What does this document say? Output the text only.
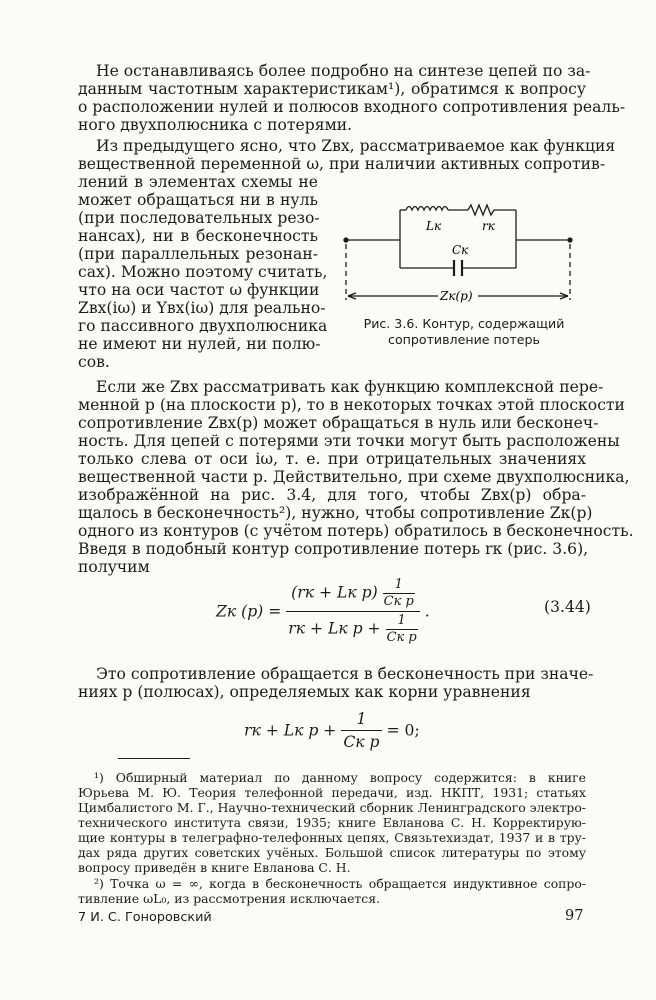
Не останавливаясь более подробно на синтезе цепей по за-
данным частотным характеристикам¹), обратимся к вопросу
о расположении нулей и полюсов входного сопротивления реаль-
ного двухполюсника с потерями.
Из предыдущего ясно, что Zвх, рассматриваемое как функция
вещественной переменной ω, при наличии активных сопротив-
лений в элементах схемы не
может обращаться ни в нуль
(при последовательных резо-
нансах), ни в бесконечность
(при параллельных резонан-
сах). Можно поэтому считать,
что на оси частот ω функции
Zвх(iω) и Yвх(iω) для реально-
го пассивного двухполюсника
не имеют ни нулей, ни полю-
сов.
Lк	rк
Cк
Zк(p)
Рис. 3.6. Контур, содержащий
сопротивление потерь
Если же Zвх рассматривать как функцию комплексной пере-
менной p (на плоскости p), то в некоторых точках этой плоскости
сопротивление Zвх(p) может обращаться в нуль или бесконеч-
ность. Для цепей с потерями эти точки могут быть расположены
только слева от оси iω, т. е. при отрицательных значениях
вещественной части p. Действительно, при схеме двухполюсника,
изображённой на рис. 3.4, для того, чтобы Zвх(p) обра-
щалось в бесконечность²), нужно, чтобы сопротивление Zк(p)
одного из контуров (с учётом потерь) обратилось в бесконечность.
Введя в подобный контур сопротивление потерь rк (рис. 3.6),
получим
Zк $(p) = \frac{(rк + Lк p) \frac{1}{\text{Cк p}}}{rк + Lк p + \frac{1}{\text{Cк p}}}$ .	(3.44)
Это сопротивление обращается в бесконечность при значе-
ниях p (полюсах), определяемых как корни уравнения
rк + Lк $p + \frac{1}{\text{Cк p}} = 0$;
¹) Обширный материал по данному вопросу содержится: в книге
Юрьева М. Ю. Теория телефонной передачи, изд. НКПТ, 1931; статьях
Цимбалистого М. Г., Научно-технический сборник Ленинградского электро-
технического института связи, 1935; книге Евланова С. Н. Корректирую-
щие контуры в телеграфно-телефонных цепях, Связьтехиздат, 1937 и в тру-
дах ряда других советских учёных. Большой список литературы по этому
вопросу приведён в книге Евланова С. Н.
²) Точка ω = ∞, когда в бесконечность обращается индуктивное сопро-
тивление ωL₀, из рассмотрения исключается.
7 И. С. Гоноровский	97
